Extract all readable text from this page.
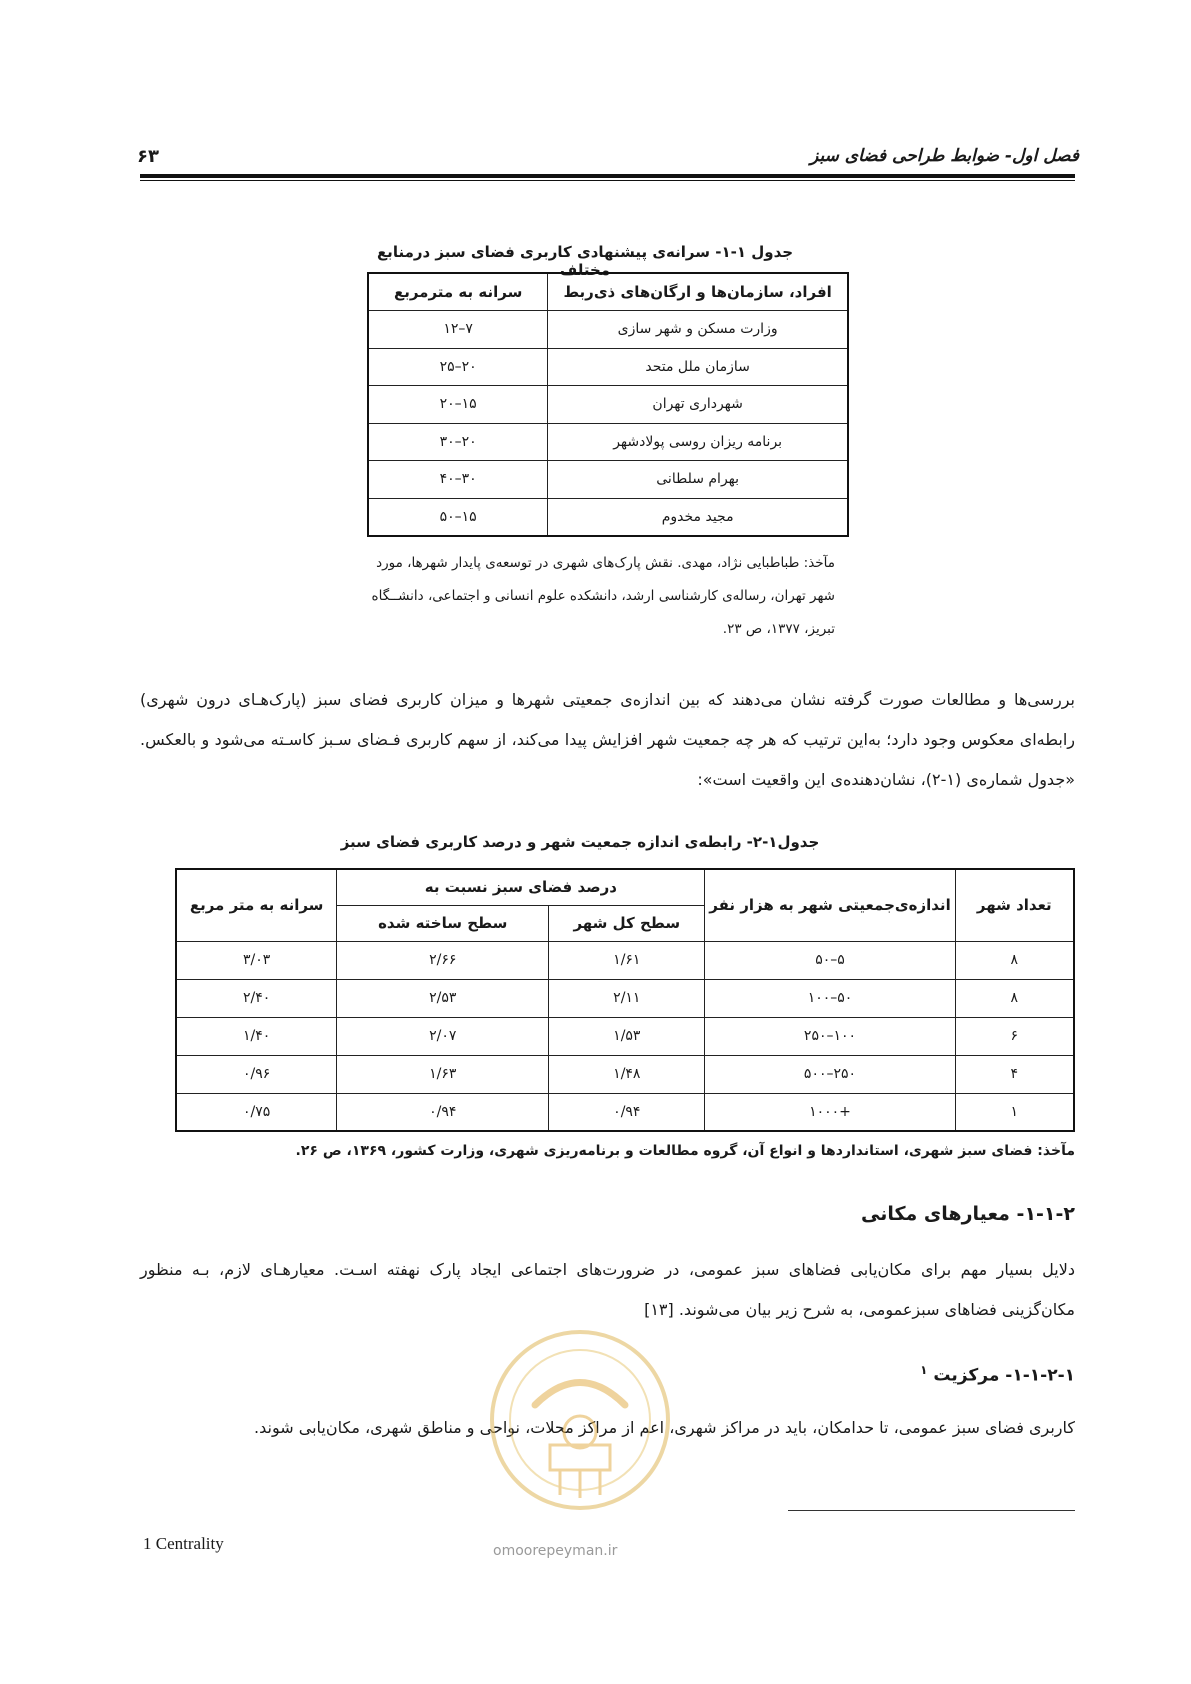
فصل اول- ضوابط طراحی فضای سبز
۶۳
جدول ۱-۱- سرانه‌ی پیشنهادی کاربری فضای سبز درمنابع مختلف
افراد، سازمان‌ها و ارگان‌های ذی‌ربط	سرانه به مترمربع
وزارت مسکن و شهر سازی	۷–۱۲
سازمان ملل متحد	۲۰–۲۵
شهرداری تهران	۱۵–۲۰
برنامه ریزان روسی پولادشهر	۲۰–۳۰
بهرام سلطانی	۳۰–۴۰
مجید مخدوم	۱۵–۵۰
مآخذ: طباطبایی نژاد، مهدی. نقش پارک‌های شهری در توسعه‌ی پایدار شهرها، مورد
شهر تهران، رساله‌ی کارشناسی ارشد، دانشکده علوم انسانی و اجتماعی، دانشــگاه
تبریز، ۱۳۷۷، ص ۲۳.
بررسی‌ها و مطالعات صورت گرفته نشان می‌دهند که بین اندازه‌ی جمعیتی شهرها و میزان کاربری فضای سبز (پارک‌هـای درون شهری) رابطه‌ای معکوس وجود دارد؛ به‌این ترتیب که هر چه جمعیت شهر افزایش پیدا می‌کند، از سهم کاربری فـضای سـبز کاسـته می‌شود و بالعکس. «جدول شماره‌ی (۱-۲)، نشان‌دهنده‌ی این واقعیت است»:
جدول۱-۲- رابطه‌ی اندازه جمعیت شهر و درصد کاربری فضای سبز
تعداد شهر	اندازه‌ی‌جمعیتی شهر به هزار نفر	درصد فضای سبز نسبت به		سرانه به متر مربع
		سطح کل شهر	سطح ساخته شده	
۸	۵–۵۰	۱/۶۱	۲/۶۶	۳/۰۳
۸	۵۰–۱۰۰	۲/۱۱	۲/۵۳	۲/۴۰
۶	۱۰۰–۲۵۰	۱/۵۳	۲/۰۷	۱/۴۰
۴	۲۵۰–۵۰۰	۱/۴۸	۱/۶۳	۰/۹۶
۱	+۱۰۰۰	۰/۹۴	۰/۹۴	۰/۷۵
مآخذ: فضای سبز شهری، استانداردها و انواع آن، گروه مطالعات و برنامه‌ریزی شهری، وزارت کشور، ۱۳۶۹، ص ۲۶.
۱-۱-۲- معیارهای مکانی
دلایل بسیار مهم برای مکان‌یابی فضاهای سبز عمومی، در ضرورت‌های اجتماعی ایجاد پارک نهفته اسـت. معیارهـای لازم، بـه منظور مکان‌گزینی فضاهای سبزعمومی، به شرح زیر بیان می‌شوند. [۱۳]
۱-۱-۲-۱- مرکزیت $^۱$
کاربری فضای سبز عمومی، تا حدامکان، باید در مراکز شهری، اعم از مراکز محلات، نواحی و مناطق شهری، مکان‌یابی شوند.
omoorepeyman.ir
1 Centrality
